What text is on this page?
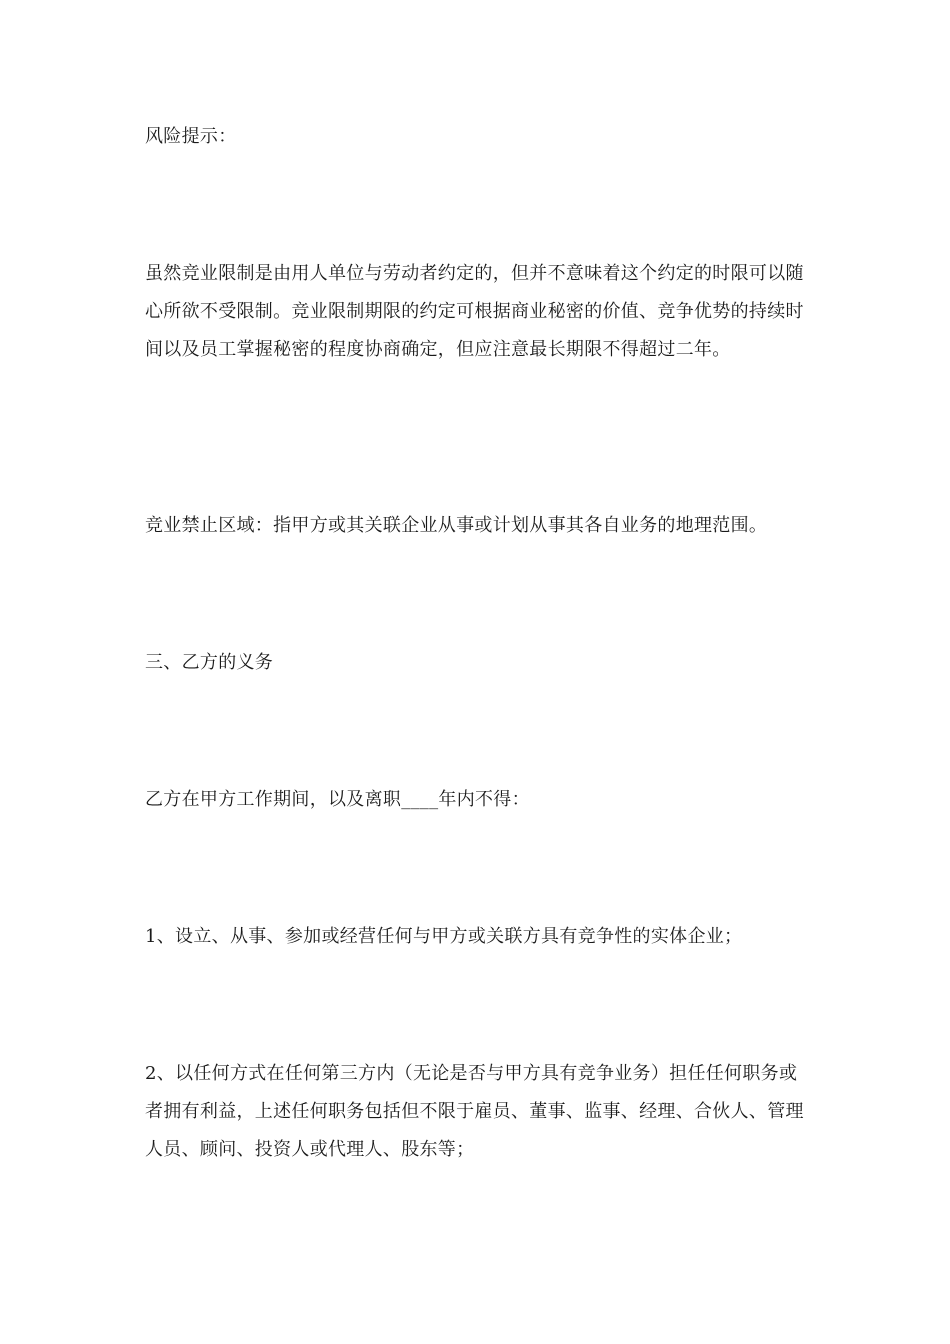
风险提示：

虽然竞业限制是由用人单位与劳动者约定的，但并不意味着这个约定的时限可以随心所欲不受限制。竞业限制期限的约定可根据商业秘密的价值、竞争优势的持续时间以及员工掌握秘密的程度协商确定，但应注意最长期限不得超过二年。

竞业禁止区域：指甲方或其关联企业从事或计划从事其各自业务的地理范围。

三、乙方的义务

乙方在甲方工作期间，以及离职____年内不得：

1、设立、从事、参加或经营任何与甲方或关联方具有竞争性的实体企业；

2、以任何方式在任何第三方内（无论是否与甲方具有竞争业务）担任任何职务或者拥有利益，上述任何职务包括但不限于雇员、董事、监事、经理、合伙人、管理人员、顾问、投资人或代理人、股东等；
